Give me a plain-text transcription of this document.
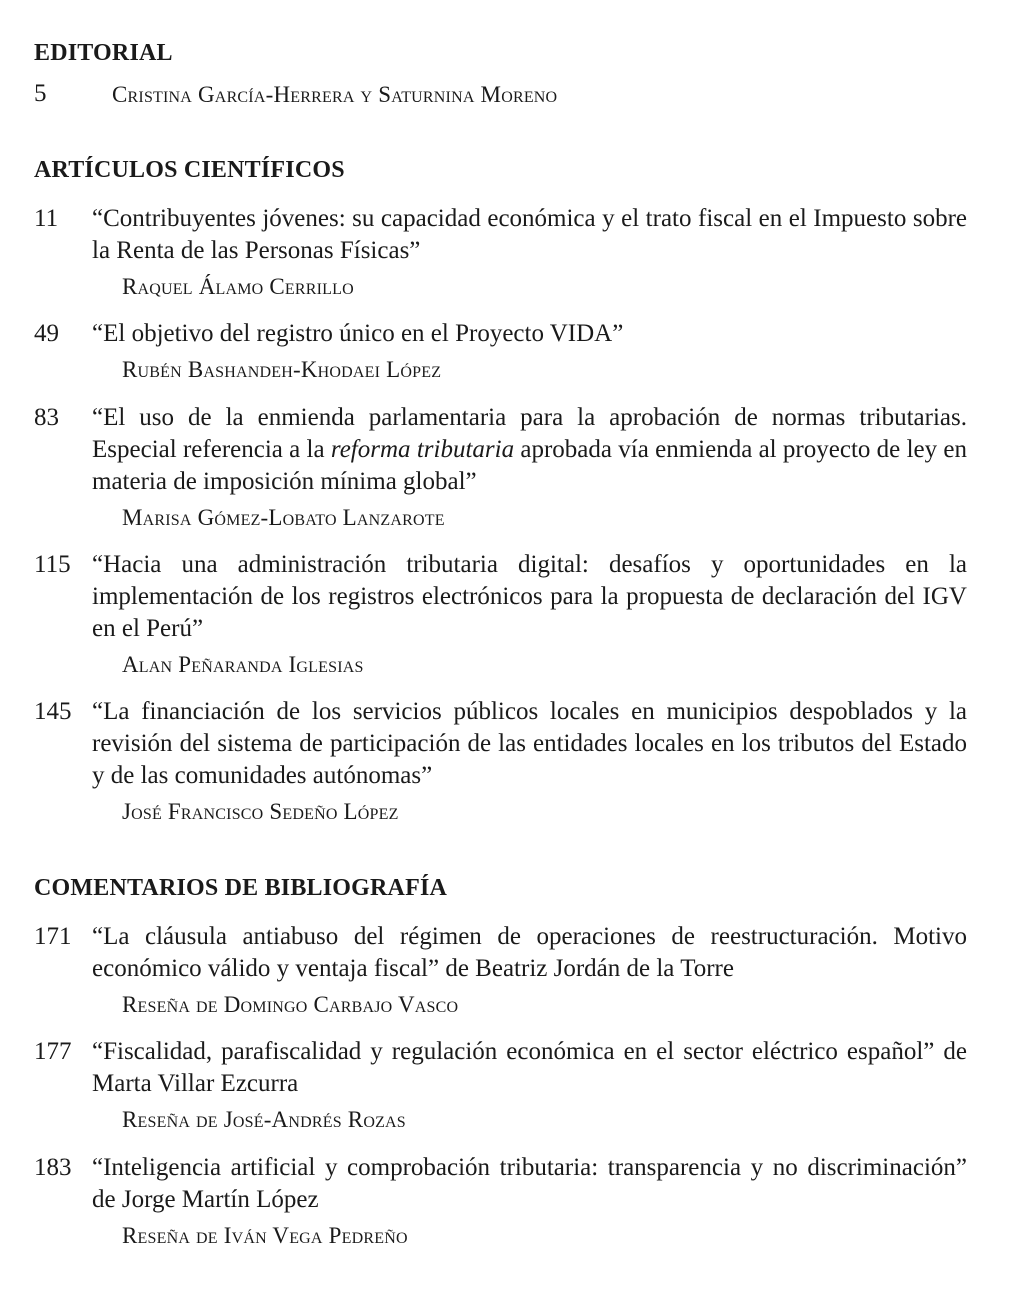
EDITORIAL
5	Cristina García-Herrera y Saturnina Moreno
ARTÍCULOS CIENTÍFICOS
11 “Contribuyentes jóvenes: su capacidad económica y el trato fiscal en el Impuesto sobre la Renta de las Personas Físicas”

Raquel Álamo Cerrillo

49 “El objetivo del registro único en el Proyecto VIDA”

Rubén Bashandeh-Khodaei López

83 “El uso de la enmienda parlamentaria para la aprobación de normas tributarias. Especial referencia a la reforma tributaria aprobada vía enmienda al proyecto de ley en materia de imposición mínima global”

Marisa Gómez-Lobato Lanzarote

115 “Hacia una administración tributaria digital: desafíos y oportunidades en la implementación de los registros electrónicos para la propuesta de declaración del IGV en el Perú”

Alan Peñaranda Iglesias

145 “La financiación de los servicios públicos locales en municipios despoblados y la revisión del sistema de participación de las entidades locales en los tributos del Estado y de las comunidades autónomas”

José Francisco Sedeño López

COMENTARIOS DE BIBLIOGRAFÍA
171 “La cláusula antiabuso del régimen de operaciones de reestructuración. Motivo económico válido y ventaja fiscal” de Beatriz Jordán de la Torre

Reseña de Domingo Carbajo Vasco

177 “Fiscalidad, parafiscalidad y regulación económica en el sector eléctrico español” de Marta Villar Ezcurra

Reseña de José-Andrés Rozas

183 “Inteligencia artificial y comprobación tributaria: transparencia y no discriminación” de Jorge Martín López

Reseña de Iván Vega Pedreño
